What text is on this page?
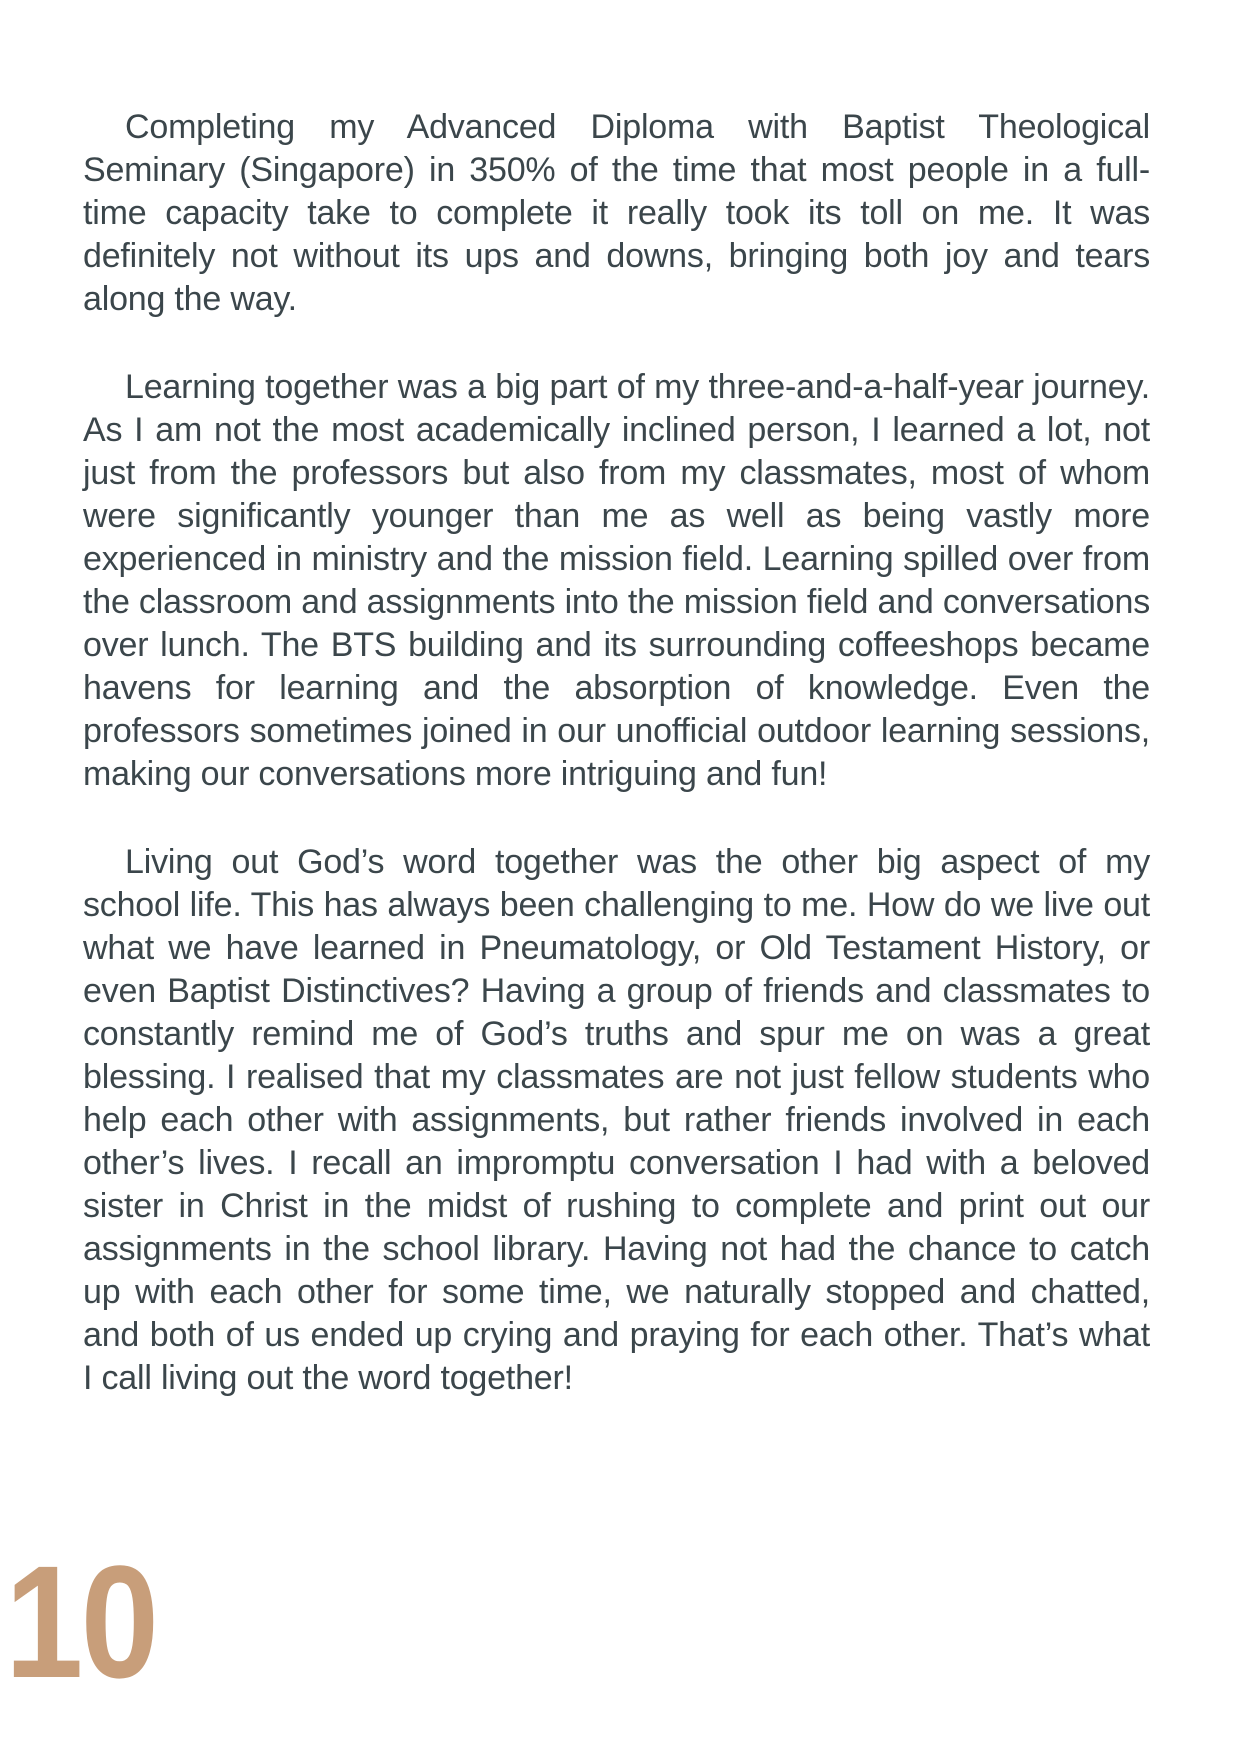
Completing my Advanced Diploma with Baptist Theological Seminary (Singapore) in 350% of the time that most people in a full-time capacity take to complete it really took its toll on me. It was definitely not without its ups and downs, bringing both joy and tears along the way.

Learning together was a big part of my three-and-a-half-year journey. As I am not the most academically inclined person, I learned a lot, not just from the professors but also from my classmates, most of whom were significantly younger than me as well as being vastly more experienced in ministry and the mission field. Learning spilled over from the classroom and assignments into the mission field and conversations over lunch. The BTS building and its surrounding coffeeshops became havens for learning and the absorption of knowledge. Even the professors sometimes joined in our unofficial outdoor learning sessions, making our conversations more intriguing and fun!

Living out God’s word together was the other big aspect of my school life. This has always been challenging to me. How do we live out what we have learned in Pneumatology, or Old Testament History, or even Baptist Distinctives? Having a group of friends and classmates to constantly remind me of God’s truths and spur me on was a great blessing. I realised that my classmates are not just fellow students who help each other with assignments, but rather friends involved in each other’s lives. I recall an impromptu conversation I had with a beloved sister in Christ in the midst of rushing to complete and print out our assignments in the school library. Having not had the chance to catch up with each other for some time, we naturally stopped and chatted, and both of us ended up crying and praying for each other. That’s what I call living out the word together!

10
